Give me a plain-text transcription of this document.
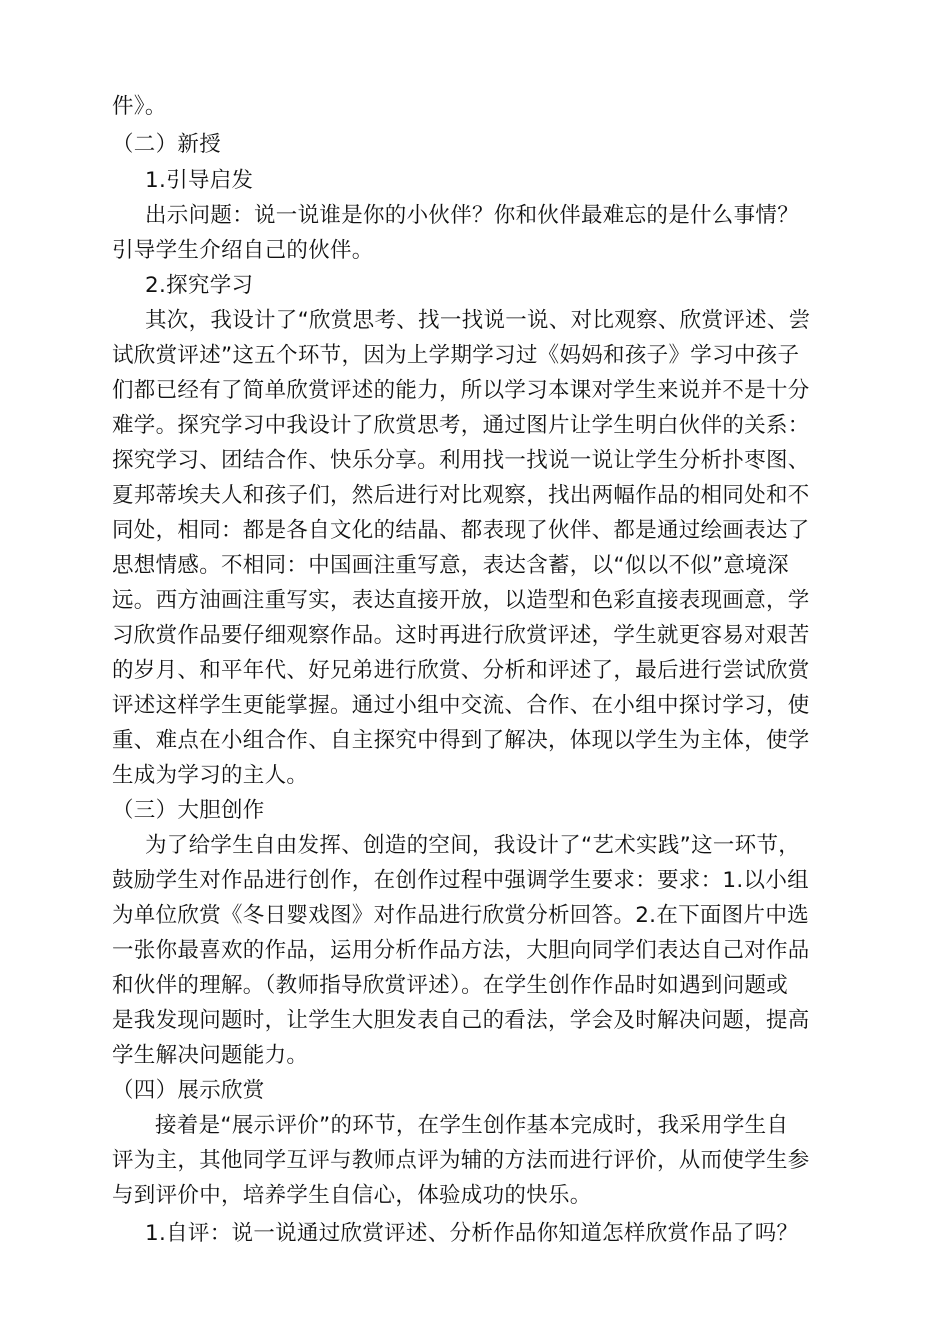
件》。
（二）新授
1.引导启发
出示问题：说一说谁是你的小伙伴？你和伙伴最难忘的是什么事情？
引导学生介绍自己的伙伴。
2.探究学习
其次，我设计了“欣赏思考、找一找说一说、对比观察、欣赏评述、尝
试欣赏评述”这五个环节，因为上学期学习过《妈妈和孩子》学习中孩子
们都已经有了简单欣赏评述的能力，所以学习本课对学生来说并不是十分
难学。探究学习中我设计了欣赏思考，通过图片让学生明白伙伴的关系：
探究学习、团结合作、快乐分享。利用找一找说一说让学生分析扑枣图、
夏邦蒂埃夫人和孩子们，然后进行对比观察，找出两幅作品的相同处和不
同处，相同：都是各自文化的结晶、都表现了伙伴、都是通过绘画表达了
思想情感。不相同：中国画注重写意，表达含蓄，以“似以不似”意境深
远。西方油画注重写实，表达直接开放，以造型和色彩直接表现画意，学
习欣赏作品要仔细观察作品。这时再进行欣赏评述，学生就更容易对艰苦
的岁月、和平年代、好兄弟进行欣赏、分析和评述了，最后进行尝试欣赏
评述这样学生更能掌握。通过小组中交流、合作、在小组中探讨学习，使
重、难点在小组合作、自主探究中得到了解决，体现以学生为主体，使学
生成为学习的主人。
（三）大胆创作
为了给学生自由发挥、创造的空间，我设计了“艺术实践”这一环节，
鼓励学生对作品进行创作，在创作过程中强调学生要求：要求：1.以小组
为单位欣赏《冬日婴戏图》对作品进行欣赏分析回答。2.在下面图片中选
一张你最喜欢的作品，运用分析作品方法，大胆向同学们表达自己对作品
和伙伴的理解。（教师指导欣赏评述）。在学生创作作品时如遇到问题或
是我发现问题时，让学生大胆发表自己的看法，学会及时解决问题，提高
学生解决问题能力。
（四）展示欣赏
接着是“展示评价”的环节，在学生创作基本完成时，我采用学生自
评为主，其他同学互评与教师点评为辅的方法而进行评价，从而使学生参
与到评价中，培养学生自信心，体验成功的快乐。
1.自评：说一说通过欣赏评述、分析作品你知道怎样欣赏作品了吗？
